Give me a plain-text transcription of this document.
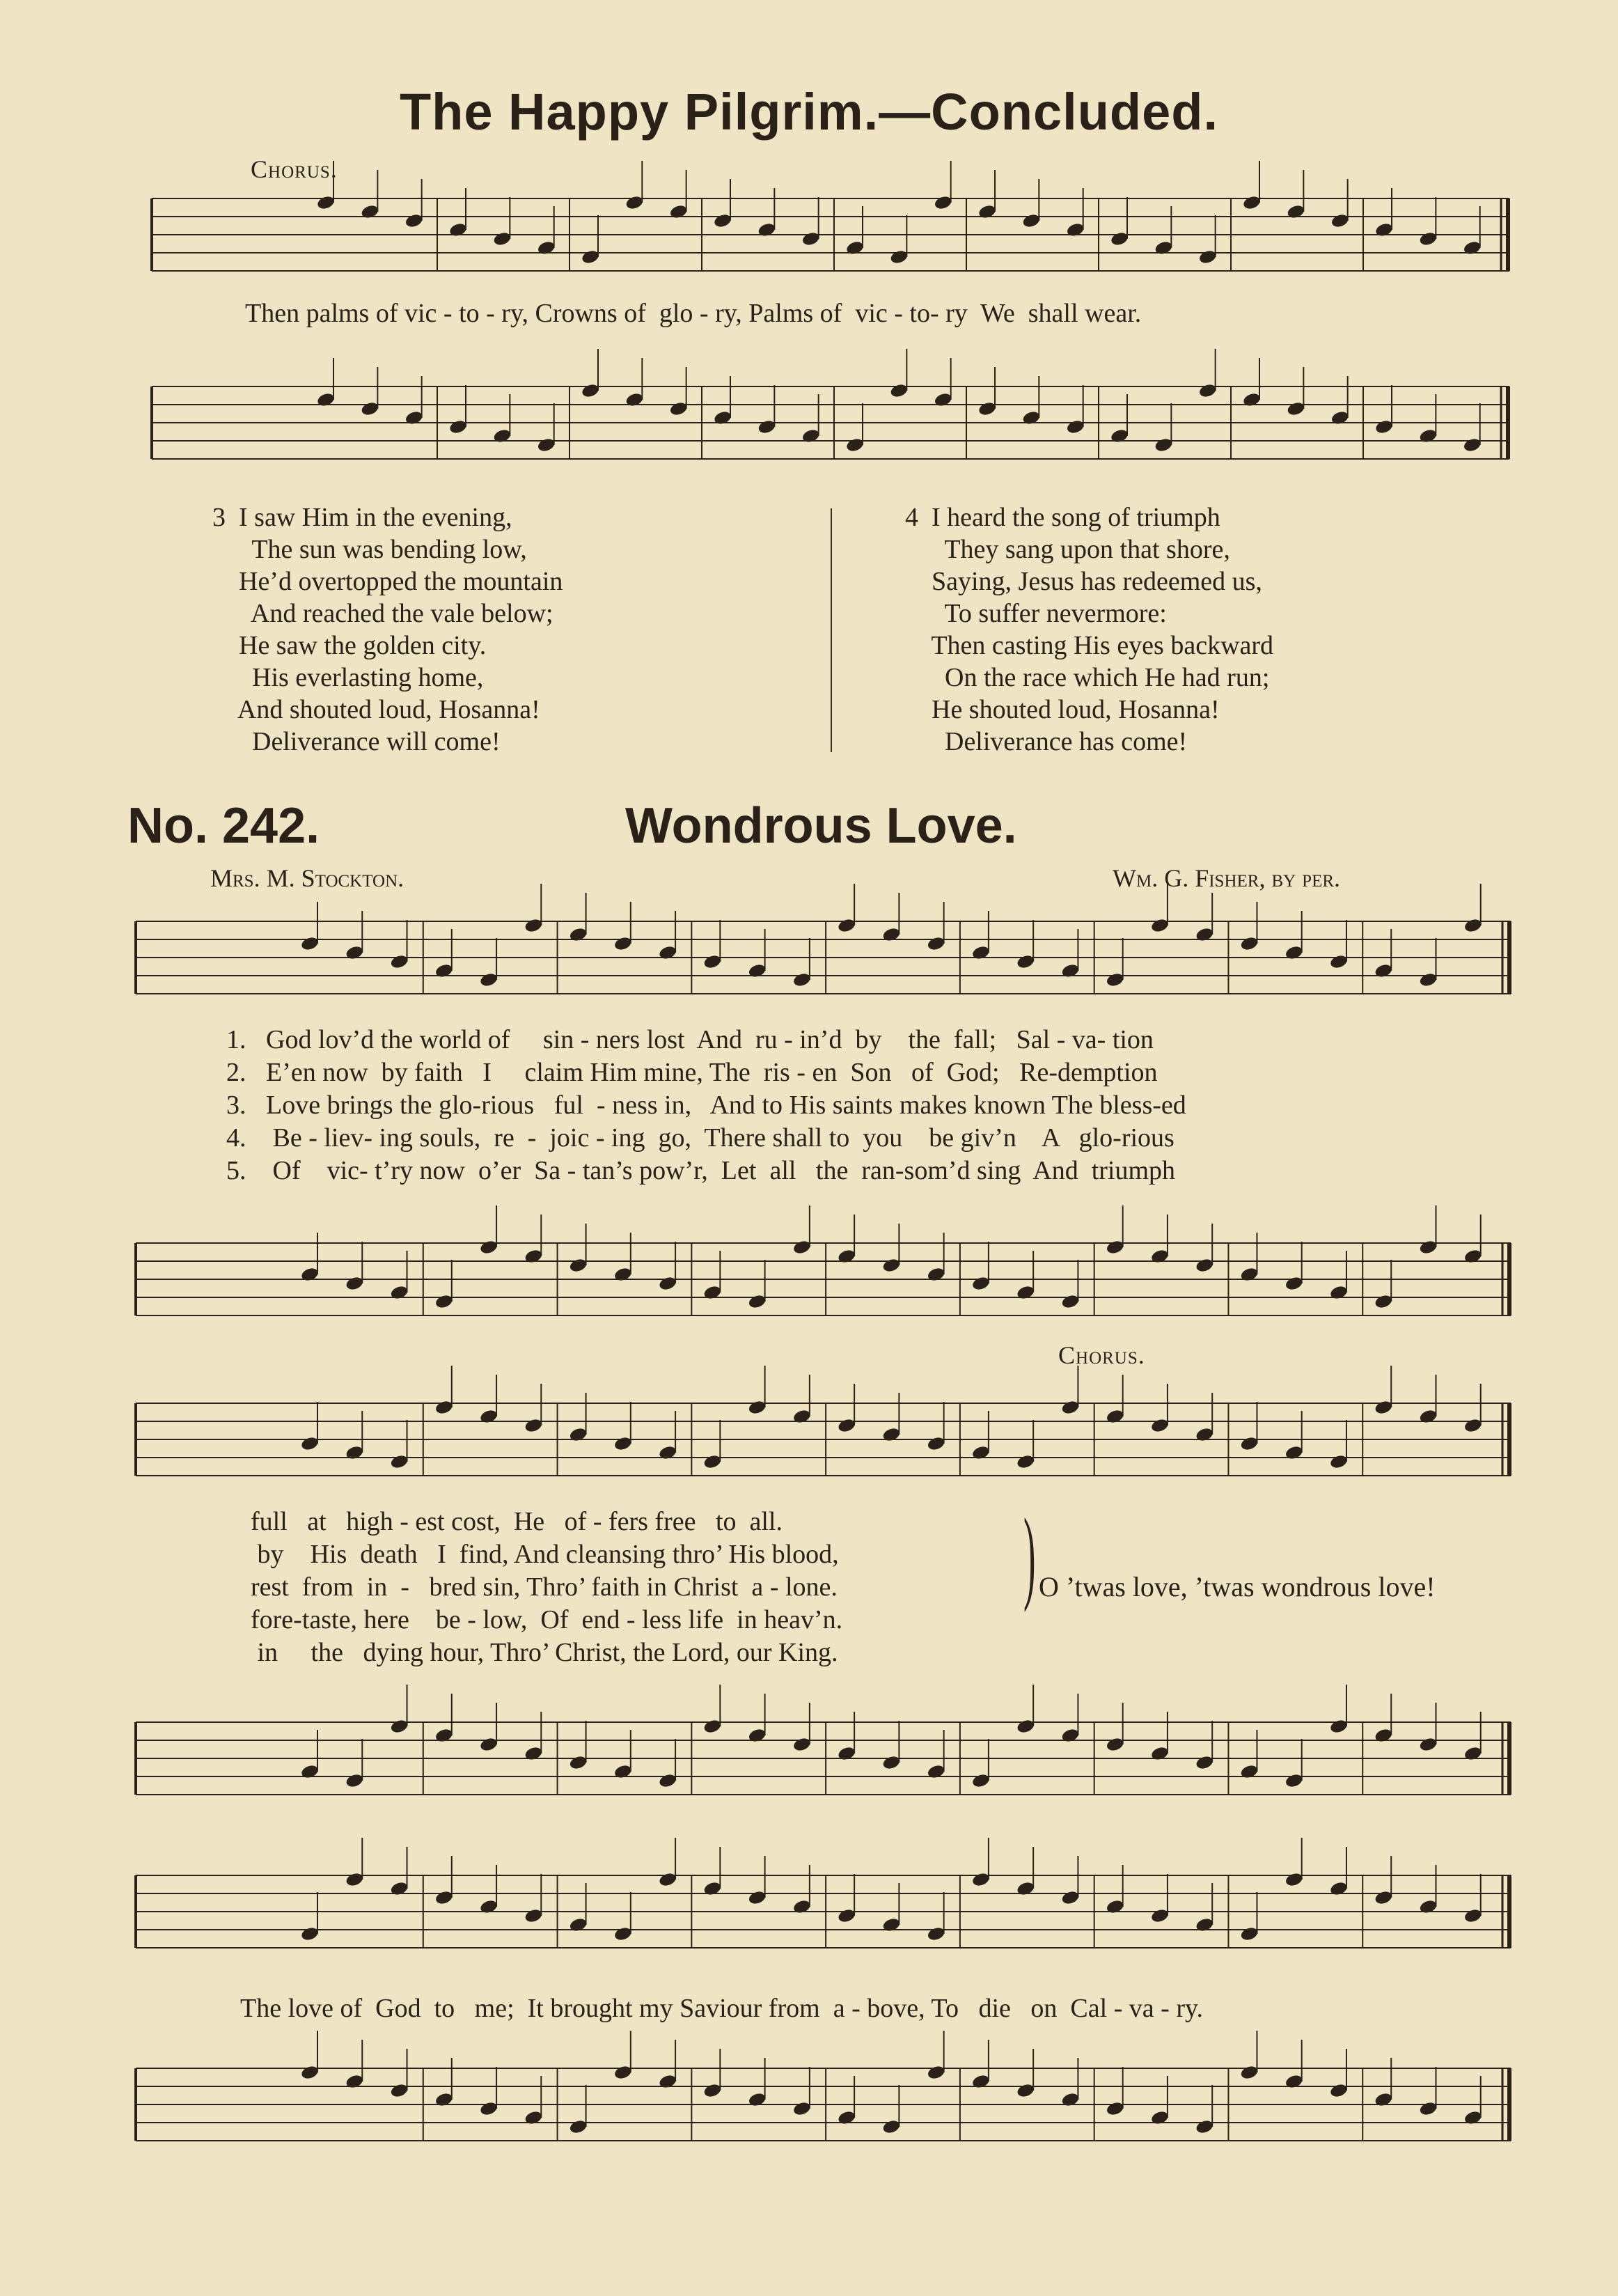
The Happy Pilgrim.—Concluded.
Chorus.
Then palms of vic - to - ry, Crowns of  glo - ry, Palms of  vic - to- ry  We  shall wear.
3  I saw Him in the evening,
The sun was bending low,
He’d overtopped the mountain
And reached the vale below;
He saw the golden city.
His everlasting home,
And shouted loud, Hosanna!
Deliverance will come!
4  I heard the song of triumph
They sang upon that shore,
Saying, Jesus has redeemed us,
To suffer nevermore:
Then casting His eyes backward
On the race which He had run;
He shouted loud, Hosanna!
Deliverance has come!
No. 242.	Wondrous Love.
Mrs. M. Stockton.	Wm. G. Fisher, by per.
1.   God lov’d the world of     sin - ners lost  And  ru - in’d  by    the  fall;   Sal - va- tion
2.   E’en now  by faith   I     claim Him mine, The  ris - en  Son   of  God;   Re-demption
3.   Love brings the glo-rious   ful  - ness in,   And to His saints makes known The bless-ed
4.    Be - liev- ing souls,  re  -  joic - ing  go,  There shall to  you    be giv’n    A   glo-rious
5.    Of    vic- t’ry now  o’er  Sa - tan’s pow’r,  Let  all   the  ran-som’d sing  And  triumph
Chorus.
full   at   high - est cost,  He   of - fers free   to  all.
by    His  death   I  find, And cleansing thro’ His blood,
rest  from  in  -   bred sin, Thro’ faith in Christ  a - lone.
fore-taste, here    be - low,  Of  end - less life  in heav’n.
in     the   dying hour, Thro’ Christ, the Lord, our King.
) O ’twas love, ’twas wondrous love!
The love of  God  to   me;  It brought my Saviour from  a - bove, To   die   on  Cal - va - ry.
